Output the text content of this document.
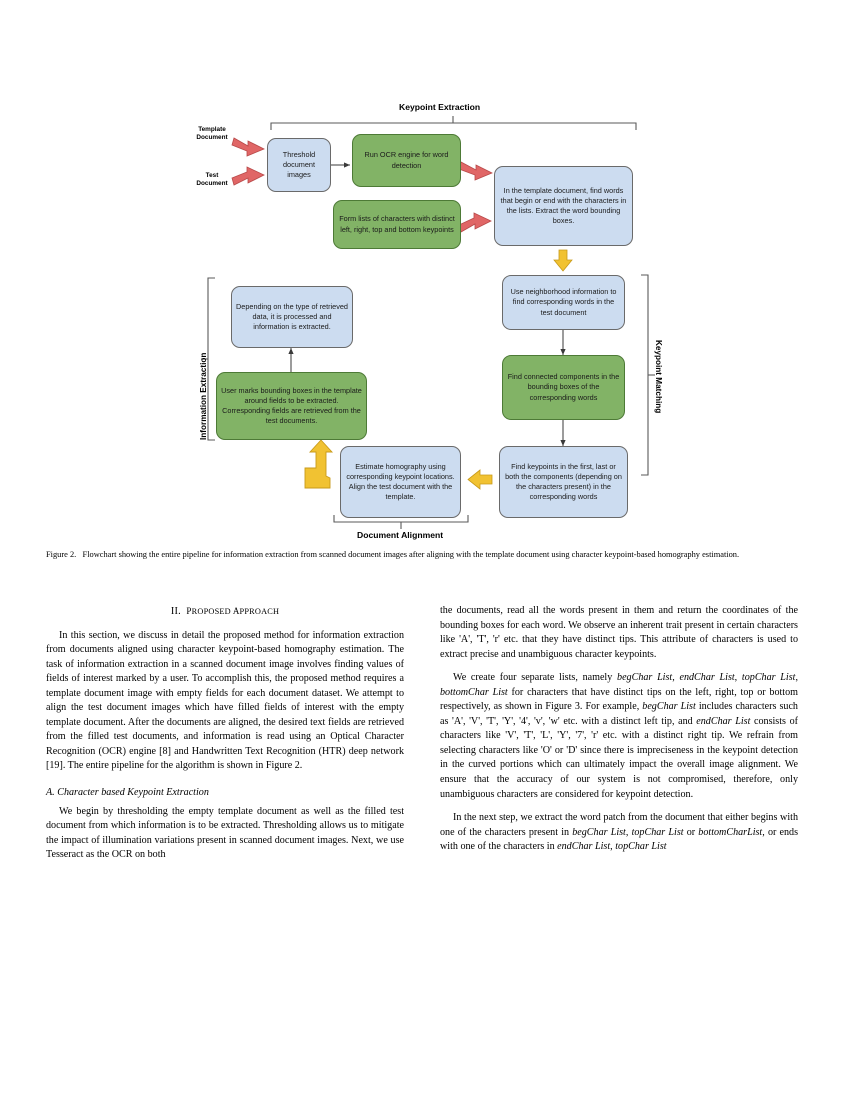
Keypoint Extraction
Document Alignment
Information Extraction	Keypoint Matching
Template
Document
Test
Document
Threshold document images
Run OCR engine for word detection
Form lists of characters with distinct left, right, top and bottom keypoints
In the template document, find words that begin or end with the characters in the lists. Extract the word bounding boxes.
Use neighborhood information to find corresponding words in the test document
Find connected components in the bounding boxes of the corresponding words
Find keypoints in the first, last or both the components (depending on the characters present) in the corresponding words
Estimate homography using corresponding keypoint locations. Align the test document with the template.
User marks bounding boxes in the template around fields to be extracted. Corresponding fields are retrieved from the test documents.
Depending on the type of retrieved data, it is processed and information is extracted.
Figure 2. Flowchart showing the entire pipeline for information extraction from scanned document images after aligning with the template document using character keypoint-based homography estimation.
II. PROPOSED APPROACH

In this section, we discuss in detail the proposed method for information extraction from documents aligned using character keypoint-based homography estimation. The task of information extraction in a scanned document image involves finding values of fields of interest marked by a user. To accomplish this, the proposed method requires a template document image with empty fields for each document dataset. We attempt to align the test document images which have filled fields of interest with the empty template document. After the documents are aligned, the desired text fields are retrieved from the filled test documents, and information is read using an Optical Character Recognition (OCR) engine [8] and Handwritten Text Recognition (HTR) deep network [19]. The entire pipeline for the algorithm is shown in Figure 2.

A. Character based Keypoint Extraction

We begin by thresholding the empty template document as well as the filled test document from which information is to be extracted. Thresholding allows us to mitigate the impact of illumination variations present in scanned document images. Next, we use Tesseract as the OCR on both

the documents, read all the words present in them and return the coordinates of the bounding boxes for each word. We observe an inherent trait present in certain characters like 'A', 'T', 'r' etc. that they have distinct tips. This attribute of characters is used to extract precise and unambiguous character keypoints.

We create four separate lists, namely begChar List, endChar List, topChar List, bottomChar List for characters that have distinct tips on the left, right, top or bottom respectively, as shown in Figure 3. For example, begChar List includes characters such as 'A', 'V', 'T', 'Y', '4', 'v', 'w' etc. with a distinct left tip, and endChar List consists of characters like 'V', 'T', 'L', 'Y', '7', 'r' etc. with a distinct right tip. We refrain from selecting characters like 'O' or 'D' since there is impreciseness in the keypoint detection in the curved portions which can ultimately impact the overall image alignment. We ensure that the accuracy of our system is not compromised, therefore, only unambiguous characters are considered for keypoint detection.

In the next step, we extract the word patch from the document that either begins with one of the characters present in begChar List, topChar List or bottomCharList, or ends with one of the characters in endChar List, topChar List
